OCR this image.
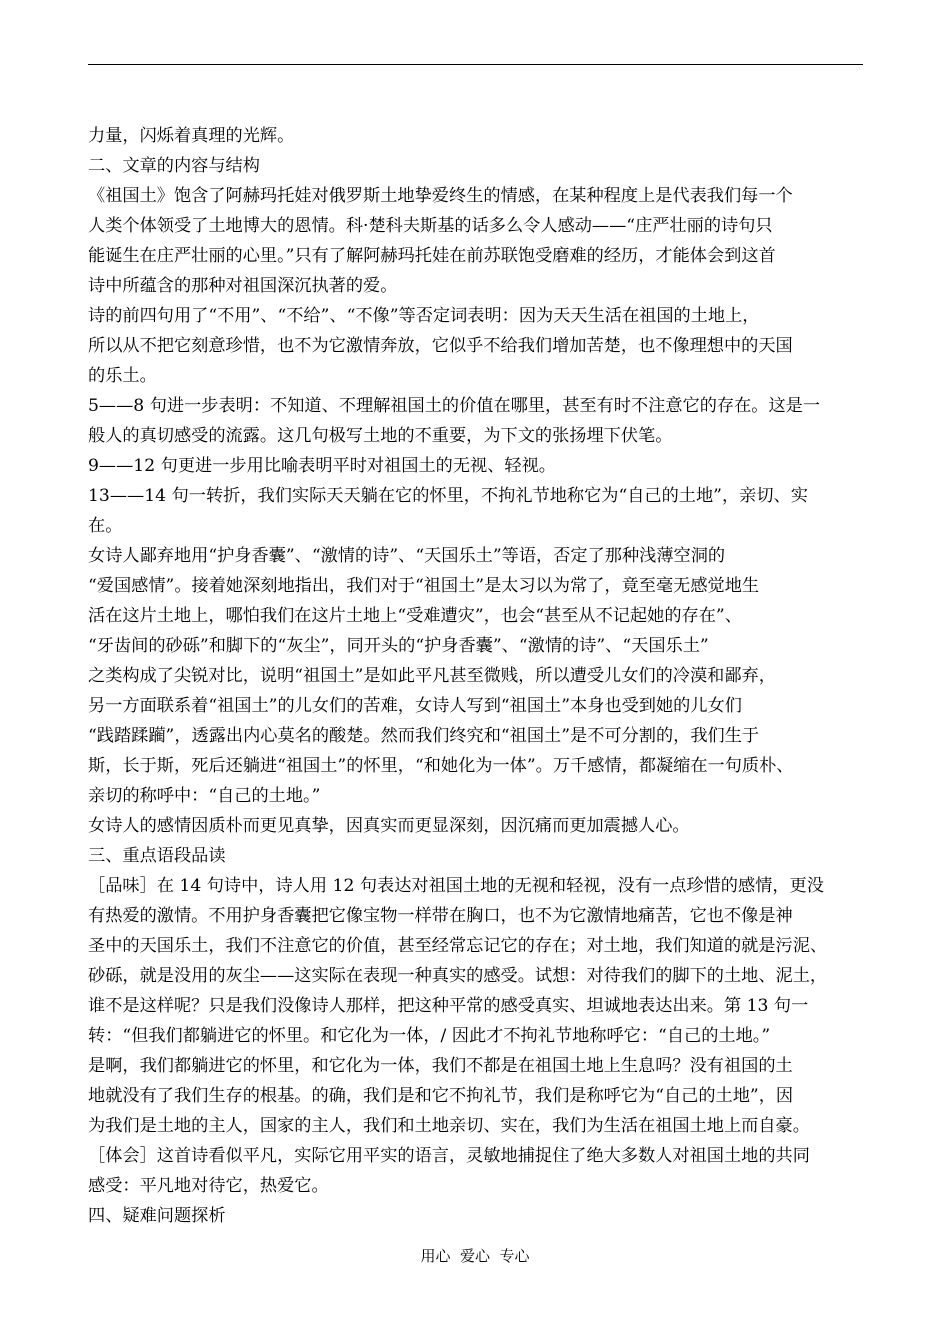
力量，闪烁着真理的光辉。
二、文章的内容与结构
《祖国土》饱含了阿赫玛托娃对俄罗斯土地挚爱终生的情感，在某种程度上是代表我们每一个
人类个体领受了土地博大的恩情。科·楚科夫斯基的话多么令人感动——“庄严壮丽的诗句只
能诞生在庄严壮丽的心里。”只有了解阿赫玛托娃在前苏联饱受磨难的经历，才能体会到这首
诗中所蕴含的那种对祖国深沉执著的爱。
诗的前四句用了“不用”、“不给”、“不像”等否定词表明：因为天天生活在祖国的土地上，
所以从不把它刻意珍惜，也不为它激情奔放，它似乎不给我们增加苦楚，也不像理想中的天国
的乐土。
5——8 句进一步表明：不知道、不理解祖国土的价值在哪里，甚至有时不注意它的存在。这是一
般人的真切感受的流露。这几句极写土地的不重要，为下文的张扬埋下伏笔。
9——12 句更进一步用比喻表明平时对祖国土的无视、轻视。
13——14 句一转折，我们实际天天躺在它的怀里，不拘礼节地称它为“自己的土地”，亲切、实
在。
女诗人鄙弃地用“护身香囊”、“激情的诗”、“天国乐土”等语，否定了那种浅薄空洞的
“爱国感情”。接着她深刻地指出，我们对于“祖国土”是太习以为常了，竟至毫无感觉地生
活在这片土地上，哪怕我们在这片土地上“受难遭灾”，也会“甚至从不记起她的存在”、
“牙齿间的砂砾”和脚下的“灰尘”，同开头的“护身香囊”、“激情的诗”、“天国乐土”
之类构成了尖锐对比，说明“祖国土”是如此平凡甚至微贱，所以遭受儿女们的冷漠和鄙弃，
另一方面联系着“祖国土”的儿女们的苦难，女诗人写到“祖国土”本身也受到她的儿女们
“践踏蹂躏”，透露出内心莫名的酸楚。然而我们终究和“祖国土”是不可分割的，我们生于
斯，长于斯，死后还躺进“祖国土”的怀里，“和她化为一体”。万千感情，都凝缩在一句质朴、
亲切的称呼中：“自己的土地。”
女诗人的感情因质朴而更见真挚，因真实而更显深刻，因沉痛而更加震撼人心。
三、重点语段品读
［品味］在 14 句诗中，诗人用 12 句表达对祖国土地的无视和轻视，没有一点珍惜的感情，更没
有热爱的激情。不用护身香囊把它像宝物一样带在胸口，也不为它激情地痛苦，它也不像是神
圣中的天国乐土，我们不注意它的价值，甚至经常忘记它的存在；对土地，我们知道的就是污泥、
砂砾，就是没用的灰尘——这实际在表现一种真实的感受。试想：对待我们的脚下的土地、泥土，
谁不是这样呢？只是我们没像诗人那样，把这种平常的感受真实、坦诚地表达出来。第 13 句一
转：“但我们都躺进它的怀里。和它化为一体，/ 因此才不拘礼节地称呼它：“自己的土地。”
是啊，我们都躺进它的怀里，和它化为一体，我们不都是在祖国土地上生息吗？没有祖国的土
地就没有了我们生存的根基。的确，我们是和它不拘礼节，我们是称呼它为“自己的土地”，因
为我们是土地的主人，国家的主人，我们和土地亲切、实在，我们为生活在祖国土地上而自豪。
［体会］这首诗看似平凡，实际它用平实的语言，灵敏地捕捉住了绝大多数人对祖国土地的共同
感受：平凡地对待它，热爱它。
四、疑难问题探析
用心  爱心  专心
